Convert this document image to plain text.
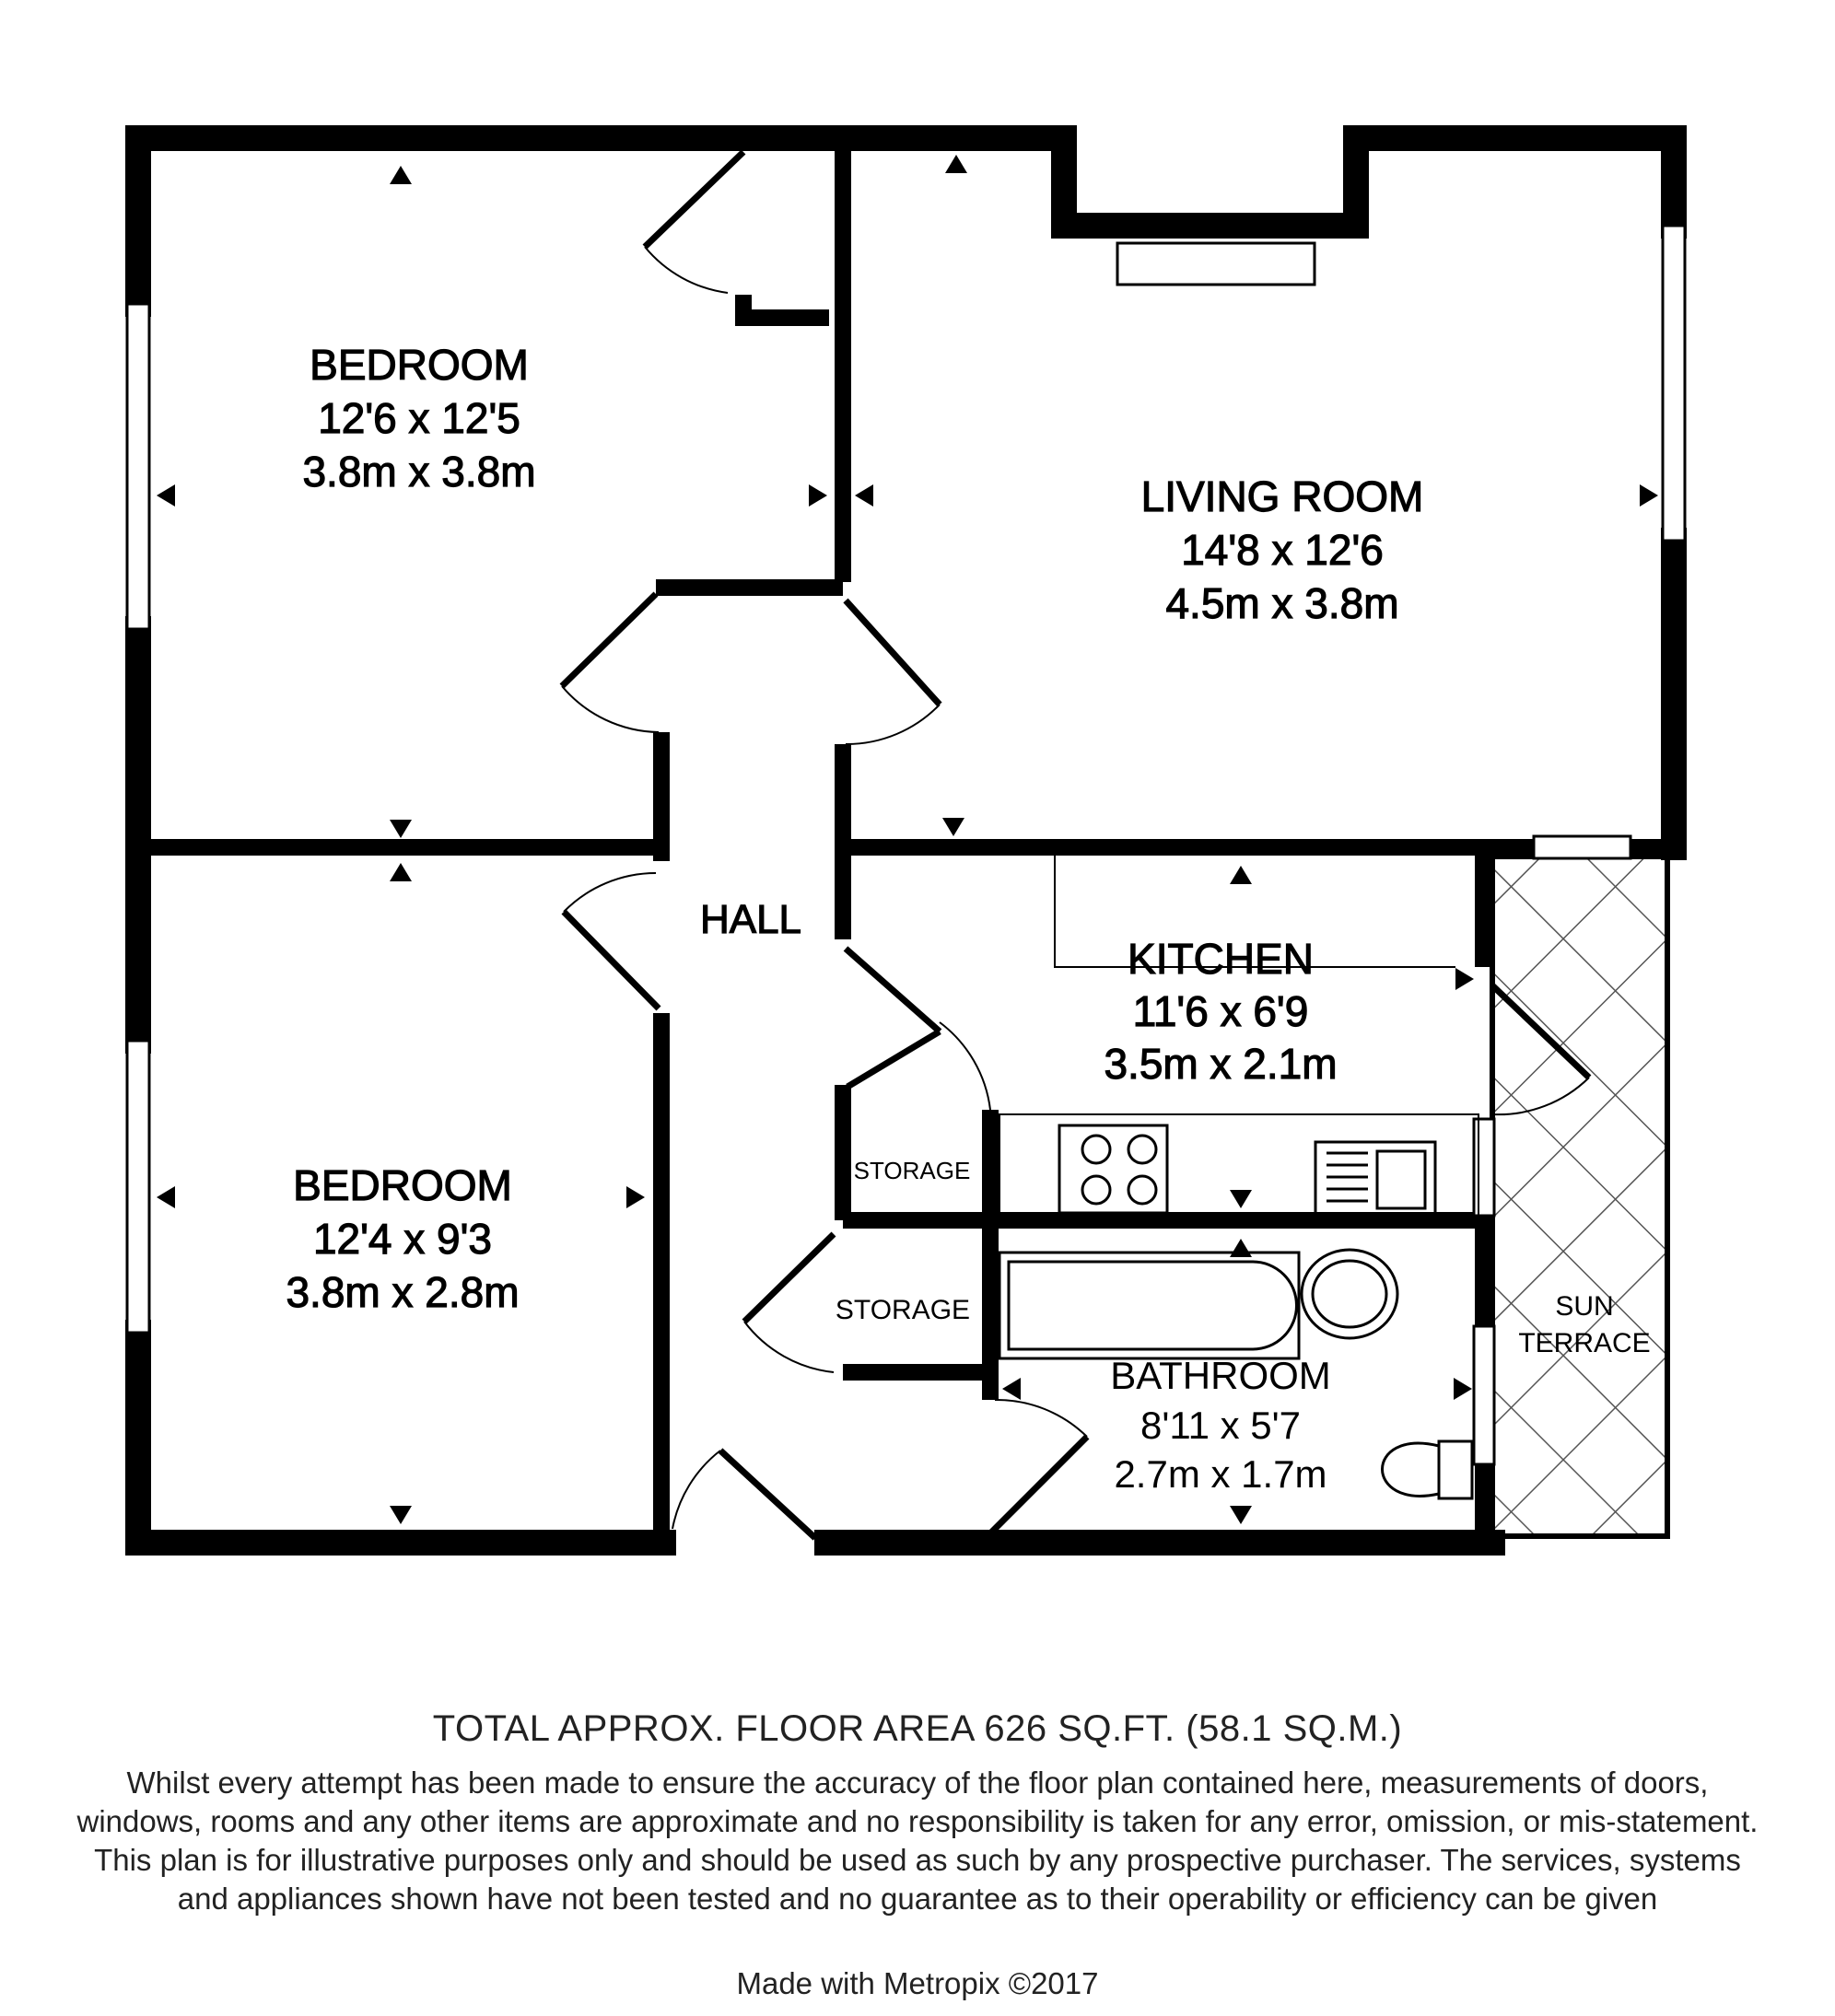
BEDROOM
12'6 x 12'5
3.8m x 3.8m
LIVING ROOM
14'8 x 12'6
4.5m x 3.8m
KITCHEN
11'6 x 6'9
3.5m x 2.1m
BEDROOM
12'4 x 9'3
3.8m x 2.8m
BATHROOM
8'11 x 5'7
2.7m x 1.7m
HALL
STORAGE
STORAGE	SUN
TERRACE
TOTAL APPROX. FLOOR AREA 626 SQ.FT. (58.1 SQ.M.)
Whilst every attempt has been made to ensure the accuracy of the floor plan contained here, measurements of doors, windows, rooms and any other items are approximate and no responsibility is taken for any error, omission, or mis-statement. This plan is for illustrative purposes only and should be used as such by any prospective purchaser. The services, systems and appliances shown have not been tested and no guarantee as to their operability or efficiency can be given
Made with Metropix ©2017
